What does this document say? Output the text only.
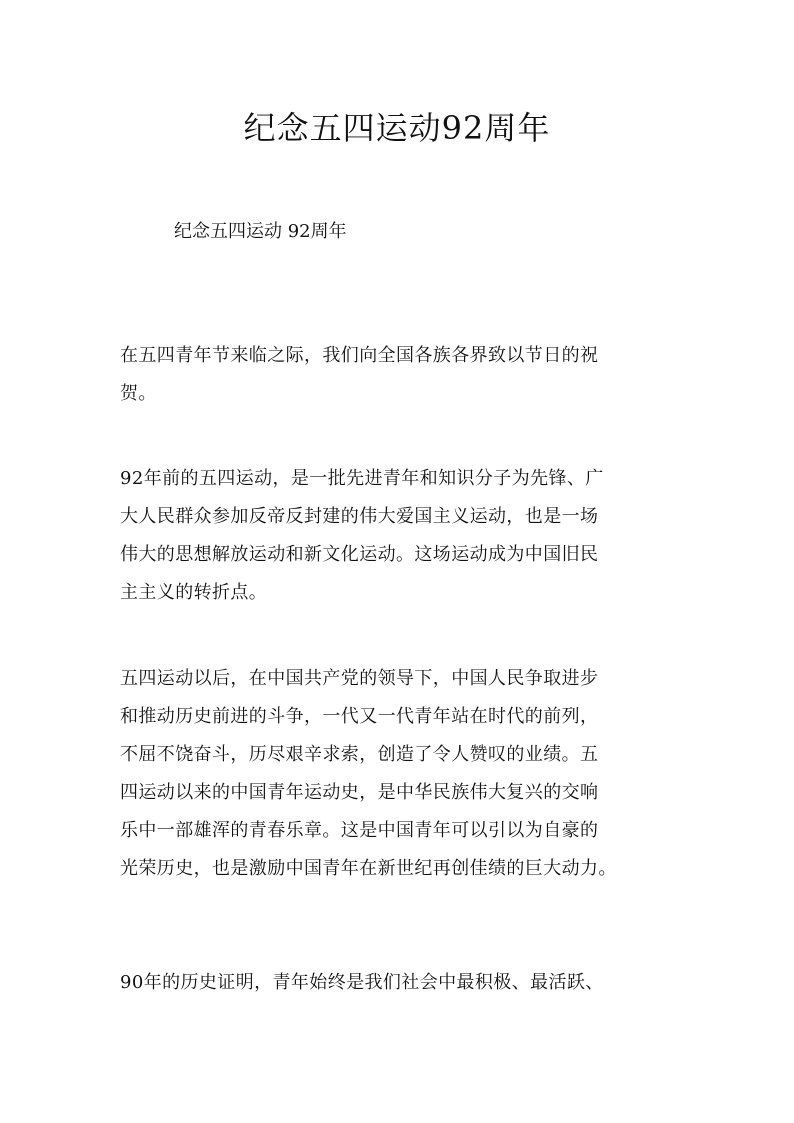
纪念五四运动92周年

纪念五四运动 92周年

在五四青年节来临之际，我们向全国各族各界致以节日的祝
贺。

92年前的五四运动，是一批先进青年和知识分子为先锋、广
大人民群众参加反帝反封建的伟大爱国主义运动，也是一场
伟大的思想解放运动和新文化运动。这场运动成为中国旧民
主主义的转折点。

五四运动以后，在中国共产党的领导下，中国人民争取进步
和推动历史前进的斗争，一代又一代青年站在时代的前列，
不屈不饶奋斗，历尽艰辛求索，创造了令人赞叹的业绩。五
四运动以来的中国青年运动史，是中华民族伟大复兴的交响
乐中一部雄浑的青春乐章。这是中国青年可以引以为自豪的
光荣历史，也是激励中国青年在新世纪再创佳绩的巨大动力。

90年的历史证明，青年始终是我们社会中最积极、最活跃、
